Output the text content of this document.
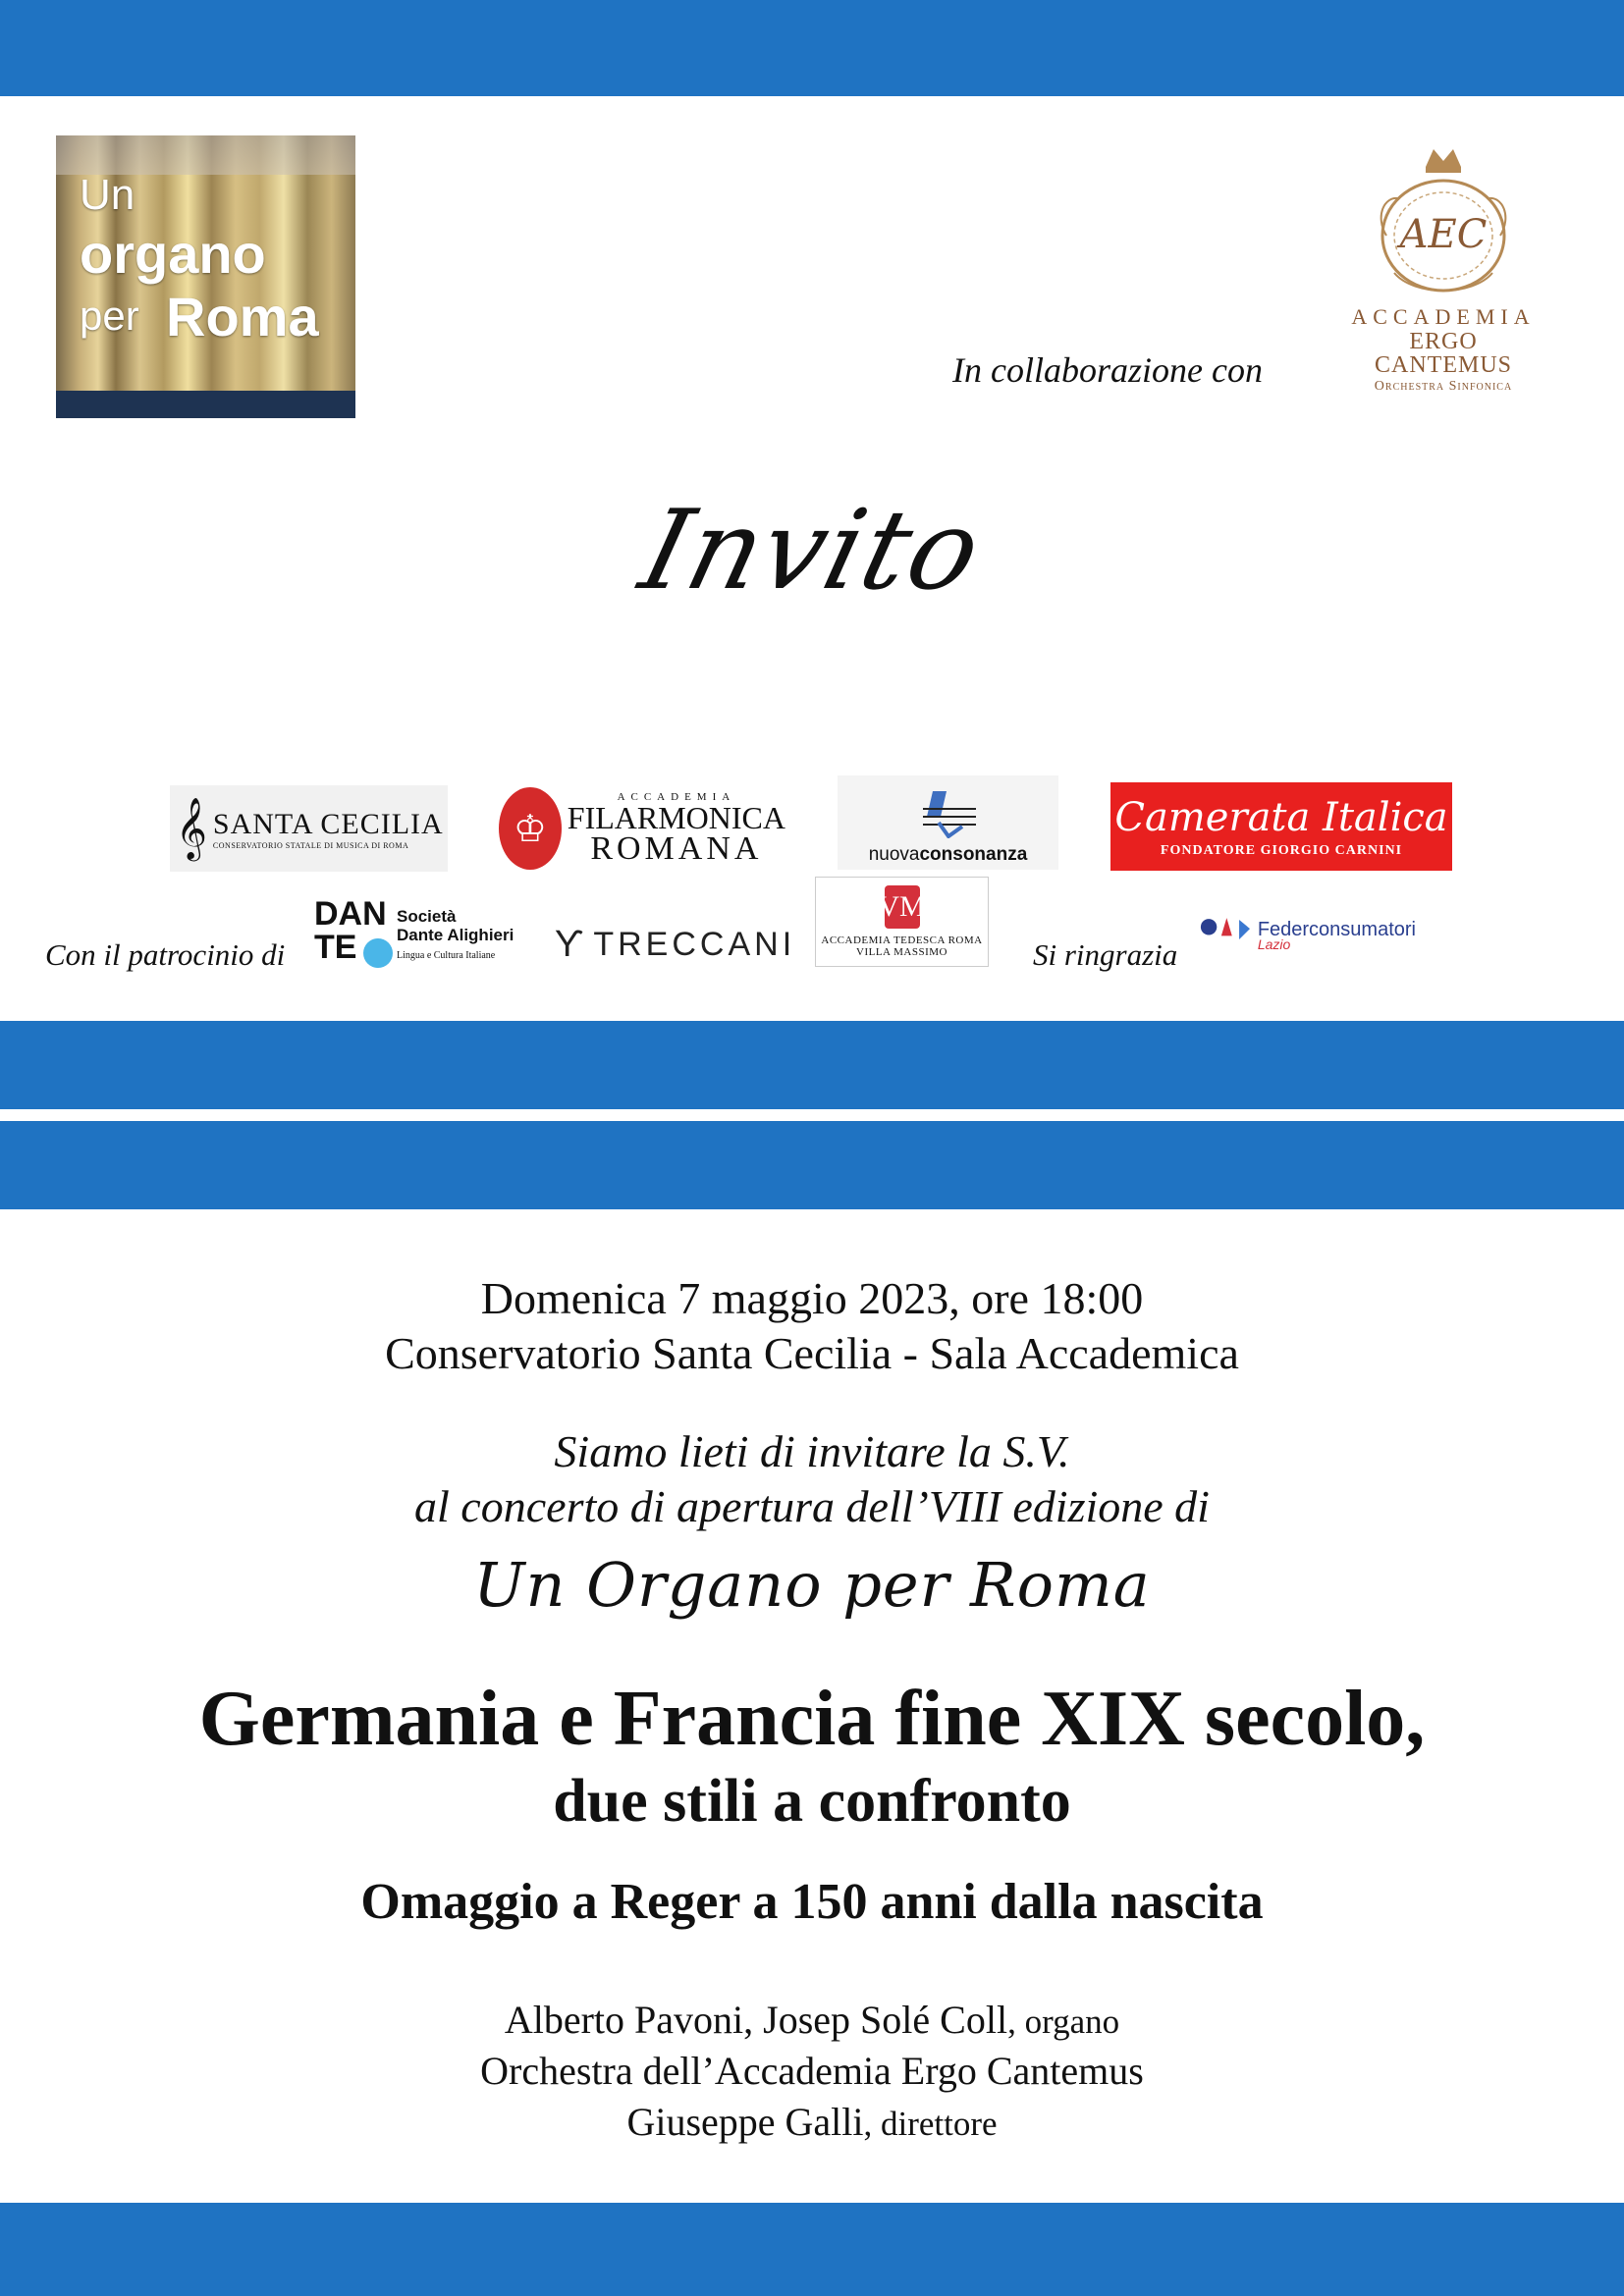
Un
organo
per Roma
In collaborazione con
AEC
ACCADEMIA
ERGO CANTEMUS
Orchestra Sinfonica
Invito
𝄞 SANTA CECILIA
CONSERVATORIO STATALE DI MUSICA DI ROMA	♔
ACCADEMIA
FILARMONICA
ROMANA	nuovaconsonanza
Camerata Italica
FONDATORE GIORGIO CARNINI
Con il patrocinio di
DAN
TE
Società
Dante Alighieri
Lingua e Cultura Italiane	Ƴ TRECCANI
VM
ACCADEMIA TEDESCA ROMA
VILLA MASSIMO	Si ringrazia
Federconsumatori
Lazio
Domenica 7 maggio 2023, ore 18:00
Conservatorio Santa Cecilia - Sala Accademica
Siamo lieti di invitare la S.V.
al concerto di apertura dell’VIII edizione di
Un Organo per Roma
Germania e Francia fine XIX secolo,
due stili a confronto
Omaggio a Reger a 150 anni dalla nascita
Alberto Pavoni, Josep Solé Coll, organo
Orchestra dell’Accademia Ergo Cantemus
Giuseppe Galli, direttore
